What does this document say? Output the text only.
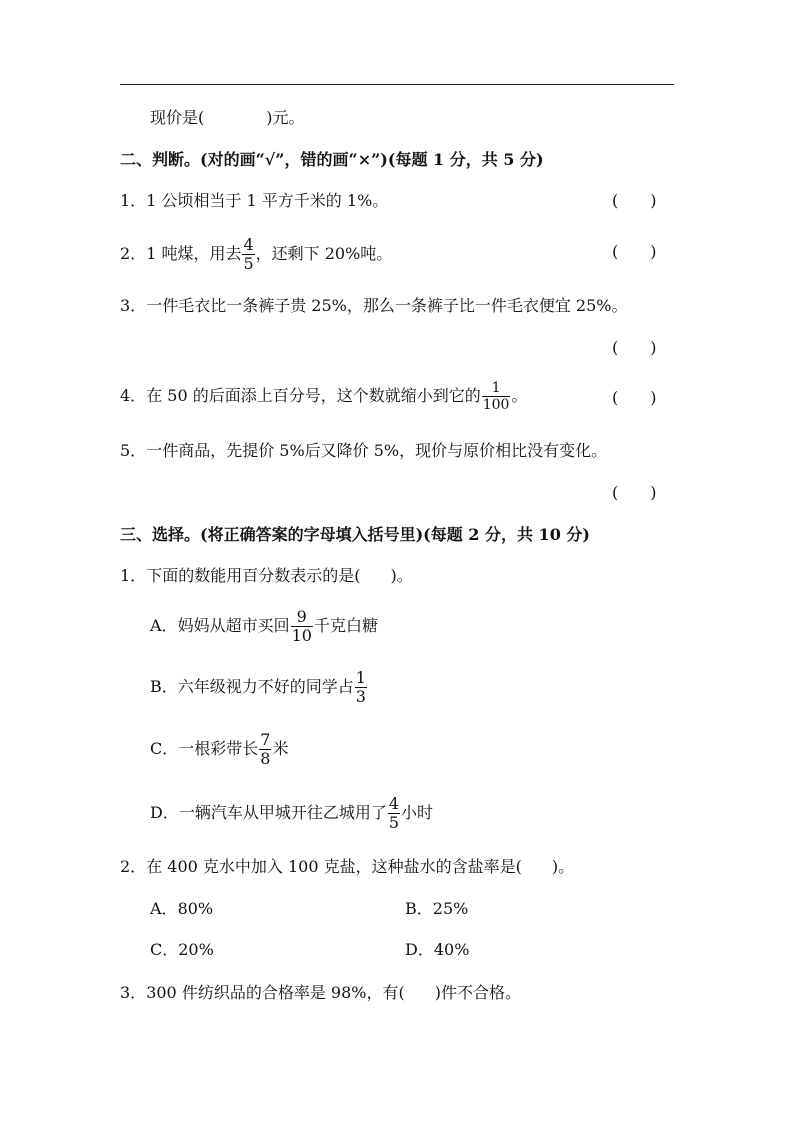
现价是(	)元。
二、判断。(对的画“√”，错的画“×”)(每题 1 分，共 5 分)
1．1 公顷相当于 1 平方千米的 1%。	(　　)
2．1 吨煤，用去 $\frac{4}{5}$ ，还剩下 20%吨。	(　　)
3．一件毛衣比一条裤子贵 25%，那么一条裤子比一件毛衣便宜 25%。
(　　)
4．在 50 的后面添上百分号，这个数就缩小到它的 $\frac{1}{100}$ 。	(　　)
5．一件商品，先提价 5%后又降价 5%，现价与原价相比没有变化。
(　　)
三、选择。(将正确答案的字母填入括号里)(每题 2 分，共 10 分)
1．下面的数能用百分数表示的是( )。
A．妈妈从超市买回 $\frac{9}{10}$ 千克白糖
B．六年级视力不好的同学占 $\frac{1}{3}$
C．一根彩带长 $\frac{7}{8}$ 米
D．一辆汽车从甲城开往乙城用了 $\frac{4}{5}$ 小时
2．在 400 克水中加入 100 克盐，这种盐水的含盐率是( )。
A．80%	B．25%
C．20%	D．40%
3．300 件纺织品的合格率是 98%，有( )件不合格。
